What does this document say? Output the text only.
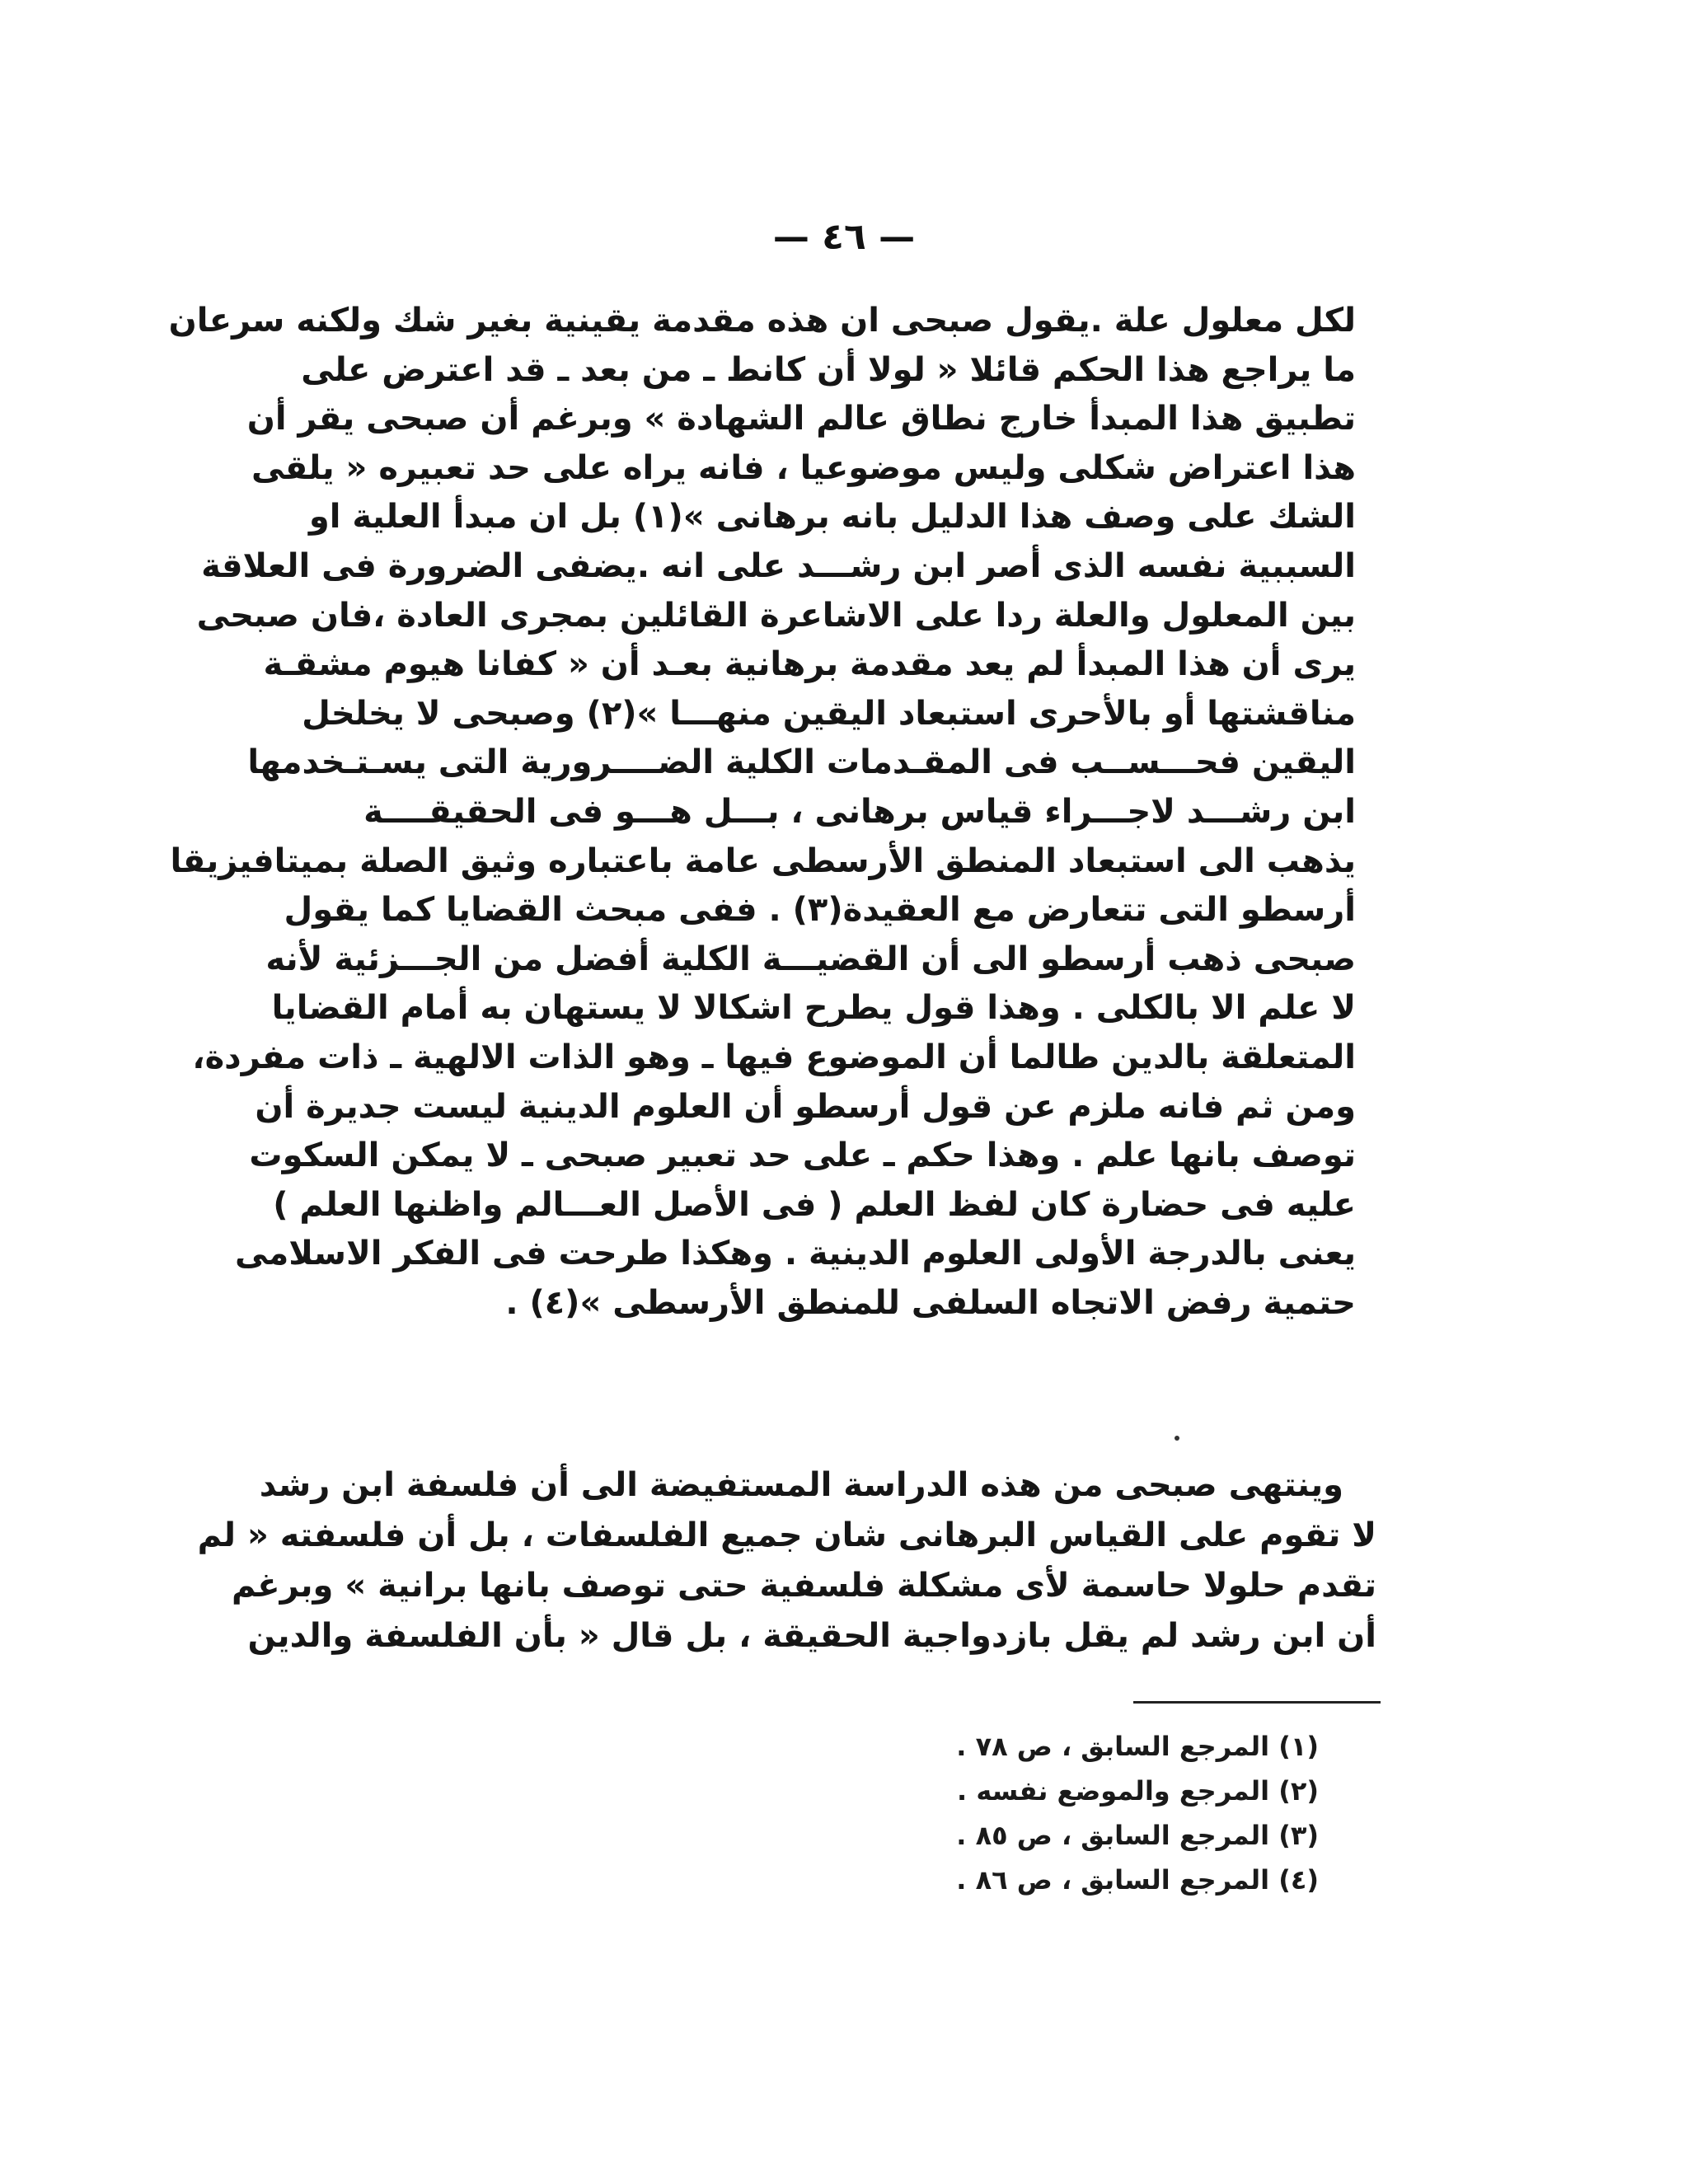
— ٤٦ —
لكل معلول علة .يقول صبحى ان هذه مقدمة يقينية بغير شك ولكنه سرعان
ما يراجع هذا الحكم قائلا « لولا أن كانط ـ من بعد ـ قد اعترض على
تطبيق هذا المبدأ خارج نطاق عالم الشهادة » وبرغم أن صبحى يقر أن
هذا اعتراض شكلى وليس موضوعيا ، فانه يراه على حد تعبيره « يلقى
الشك على وصف هذا الدليل بانه برهانى »(١) بل ان مبدأ العلية او
السببية نفسه الذى أصر ابن رشـــد على انه .يضفى الضرورة فى العلاقة
بين المعلول والعلة ردا على الاشاعرة القائلين بمجرى العادة ،فان صبحى
يرى أن هذا المبدأ لم يعد مقدمة برهانية بعـد أن « كفانا هيوم مشقـة
مناقشتها أو بالأحرى استبعاد اليقين منهـــا »(٢) وصبحى لا يخلخل
اليقين فحـــســب فى المقـدمات الكلية الضــــرورية التى يسـتـخدمها
ابن رشـــد لاجـــراء قياس برهانى ، بـــل هـــو فى الحقيقــــة
يذهب الى استبعاد المنطق الأرسطى عامة باعتباره وثيق الصلة بميتافيزيقا
أرسطو التى تتعارض مع العقيدة(٣) . ففى مبحث القضايا كما يقول
صبحى ذهب أرسطو الى أن القضيـــة الكلية أفضل من الجـــزئية لأنه
لا علم الا بالكلى . وهذا قول يطرح اشكالا لا يستهان به أمام القضايا
المتعلقة بالدين طالما أن الموضوع فيها ـ وهو الذات الالهية ـ ذات مفردة،
ومن ثم فانه ملزم عن قول أرسطو أن العلوم الدينية ليست جديرة أن
توصف بانها علم . وهذا حكم ـ على حد تعبير صبحى ـ لا يمكن السكوت
عليه فى حضارة كان لفظ العلم ( فى الأصل العـــالم واظنها العلم )
يعنى بالدرجة الأولى العلوم الدينية . وهكذا طرحت فى الفكر الاسلامى
حتمية رفض الاتجاه السلفى للمنطق الأرسطى »(٤) .
وينتهى صبحى من هذه الدراسة المستفيضة الى أن فلسفة ابن رشد
لا تقوم على القياس البرهانى شان جميع الفلسفات ، بل أن فلسفته « لم
تقدم حلولا حاسمة لأى مشكلة فلسفية حتى توصف بانها برانية » وبرغم
أن ابن رشد لم يقل بازدواجية الحقيقة ، بل قال « بأن الفلسفة والدين
(١) المرجع السابق ، ص ٧٨ .
(٢) المرجع والموضع نفسه .
(٣) المرجع السابق ، ص ٨٥ .
(٤) المرجع السابق ، ص ٨٦ .
